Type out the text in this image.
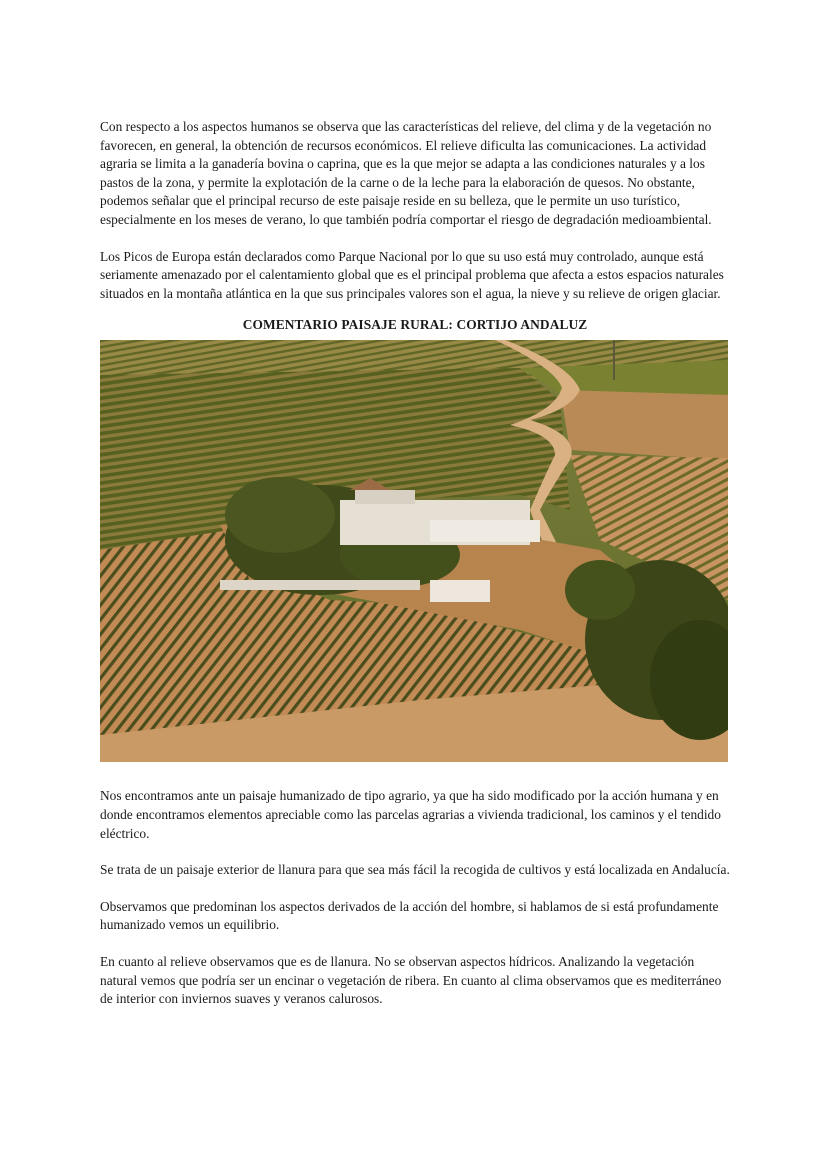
Con respecto a los aspectos humanos se observa que las características del relieve, del clima y de la vegetación no favorecen, en general, la obtención de recursos económicos. El relieve dificulta las comunicaciones. La actividad agraria se limita a la ganadería bovina o caprina, que es la que mejor se adapta a las condiciones naturales y a los pastos de la zona, y permite la explotación de la carne o de la leche para la elaboración de quesos. No obstante, podemos señalar que el principal recurso de este paisaje reside en su belleza, que le permite un uso turístico, especialmente en los meses de verano, lo que también podría comportar el riesgo de degradación medioambiental.

Los Picos de Europa están declarados como Parque Nacional por lo que su uso está muy controlado, aunque está seriamente amenazado por el calentamiento global que es el principal problema que afecta a estos espacios naturales situados en la montaña atlántica en la que sus principales valores son el agua, la nieve y su relieve de origen glaciar.

COMENTARIO PAISAJE RURAL: CORTIJO ANDALUZ

Nos encontramos ante un paisaje humanizado de tipo agrario, ya que ha sido modificado por la acción humana y en donde encontramos elementos apreciable como las parcelas agrarias a vivienda tradicional, los caminos y el tendido eléctrico.

Se trata de un paisaje exterior de llanura para que sea más fácil la recogida de cultivos y está localizada en Andalucía.

Observamos que predominan los aspectos derivados de la acción del hombre, si hablamos de si está profundamente humanizado vemos un equilibrio.

En cuanto al relieve observamos que es de llanura. No se observan aspectos hídricos. Analizando la vegetación natural vemos que podría ser un encinar o vegetación de ribera. En cuanto al clima observamos que es mediterráneo de interior con inviernos suaves y veranos calurosos.
